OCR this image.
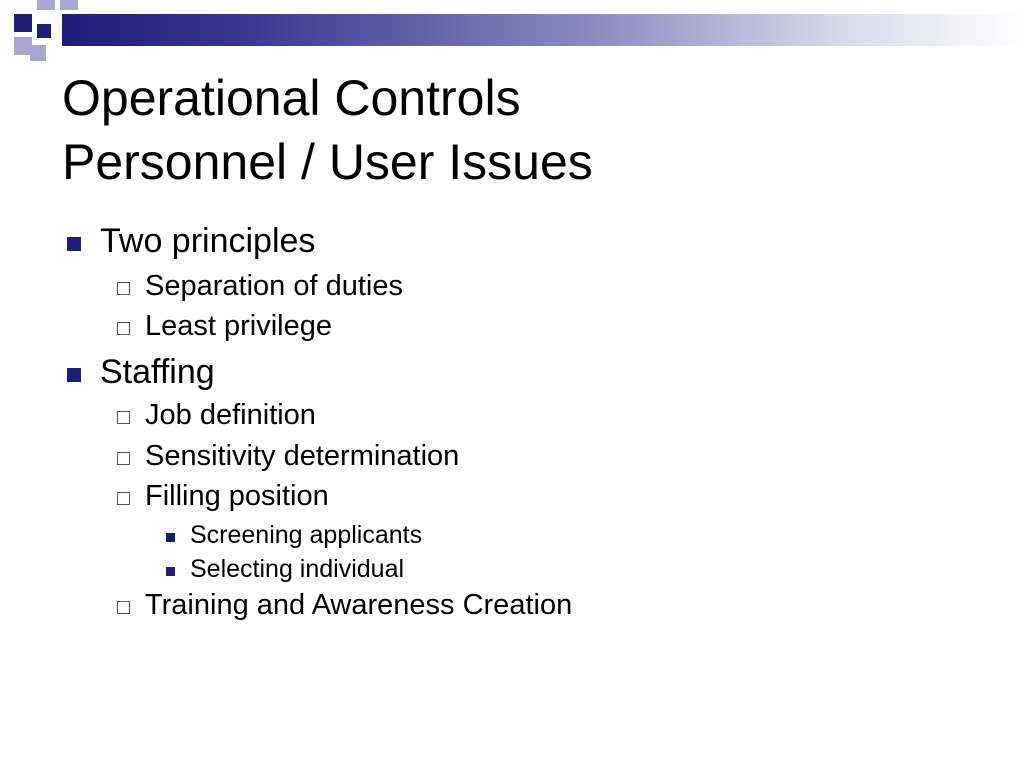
Operational Controls
Personnel / User Issues
Two principles
Separation of duties
Least privilege
Staffing
Job definition
Sensitivity determination
Filling position
Screening applicants
Selecting individual
Training and Awareness Creation
